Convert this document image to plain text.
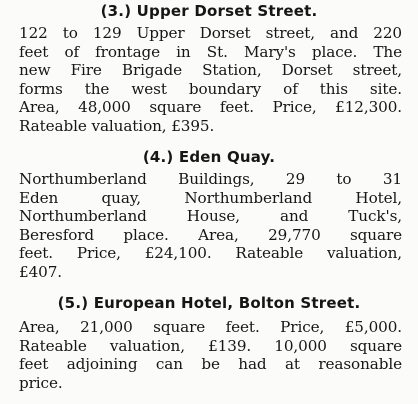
(3.) Upper Dorset Street.
122 to 129 Upper Dorset street, and 220
feet of frontage in St. Mary's place. The
new Fire Brigade Station, Dorset street,
forms the west boundary of this site.
Area, 48,000 square feet. Price, £12,300.
Rateable valuation, £395.
(4.) Eden Quay.
Northumberland Buildings, 29 to 31
Eden quay, Northumberland Hotel,
Northumberland House, and Tuck's,
Beresford place. Area, 29,770 square
feet. Price, £24,100. Rateable valuation,
£407.
(5.) European Hotel, Bolton Street.
Area, 21,000 square feet. Price, £5,000.
Rateable valuation, £139. 10,000 square
feet adjoining can be had at reasonable
price.
